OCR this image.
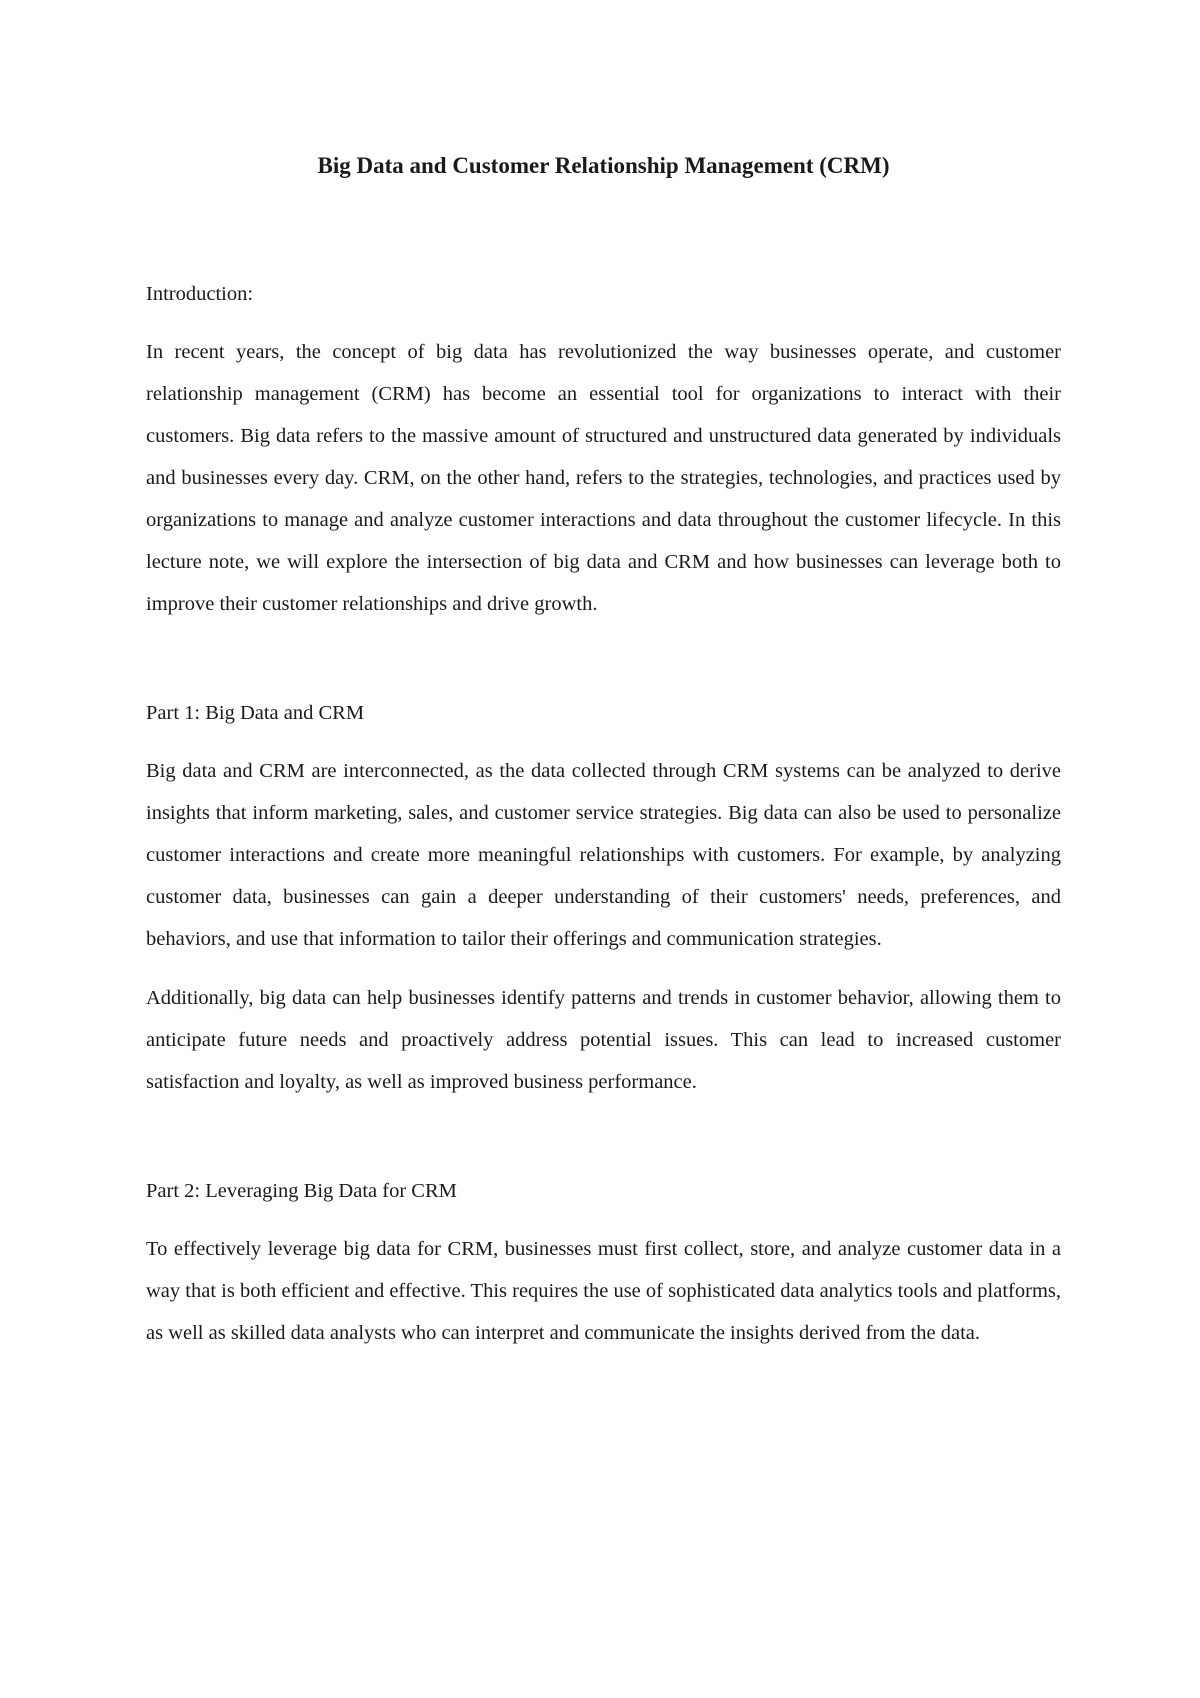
Big Data and Customer Relationship Management (CRM)
Introduction:

In recent years, the concept of big data has revolutionized the way businesses operate, and customer relationship management (CRM) has become an essential tool for organizations to interact with their customers. Big data refers to the massive amount of structured and unstructured data generated by individuals and businesses every day. CRM, on the other hand, refers to the strategies, technologies, and practices used by organizations to manage and analyze customer interactions and data throughout the customer lifecycle. In this lecture note, we will explore the intersection of big data and CRM and how businesses can leverage both to improve their customer relationships and drive growth.

Part 1: Big Data and CRM

Big data and CRM are interconnected, as the data collected through CRM systems can be analyzed to derive insights that inform marketing, sales, and customer service strategies. Big data can also be used to personalize customer interactions and create more meaningful relationships with customers. For example, by analyzing customer data, businesses can gain a deeper understanding of their customers' needs, preferences, and behaviors, and use that information to tailor their offerings and communication strategies.

Additionally, big data can help businesses identify patterns and trends in customer behavior, allowing them to anticipate future needs and proactively address potential issues. This can lead to increased customer satisfaction and loyalty, as well as improved business performance.

Part 2: Leveraging Big Data for CRM

To effectively leverage big data for CRM, businesses must first collect, store, and analyze customer data in a way that is both efficient and effective. This requires the use of sophisticated data analytics tools and platforms, as well as skilled data analysts who can interpret and communicate the insights derived from the data.
